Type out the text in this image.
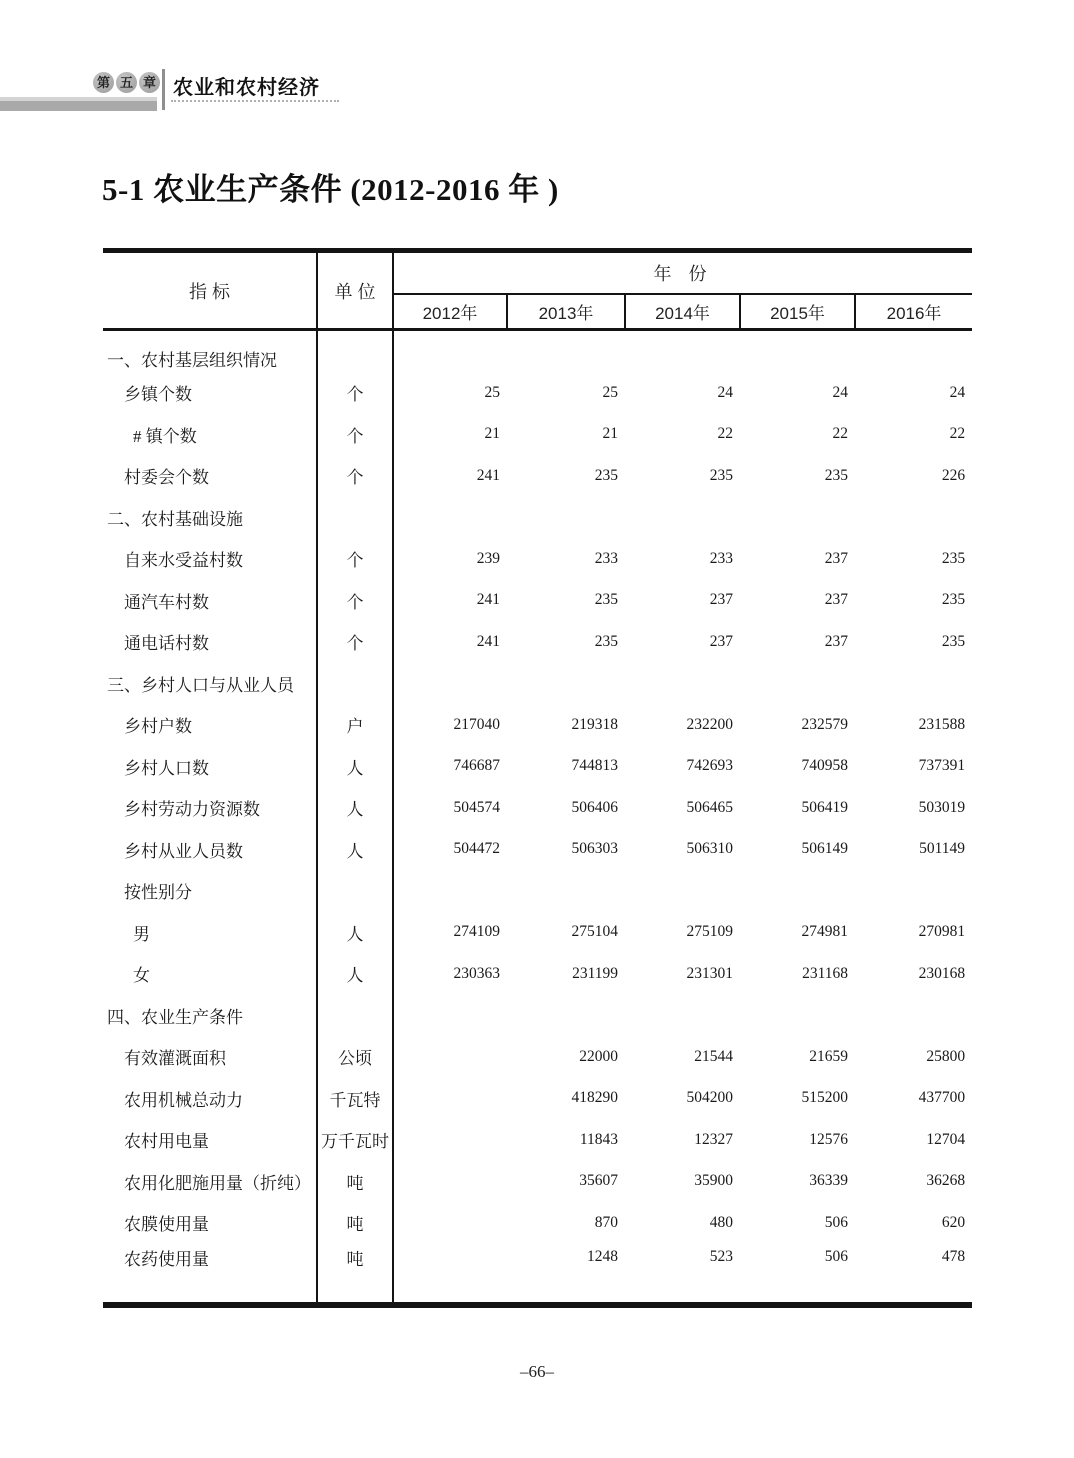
第 五 章 农业和农村经济
5-1 农业生产条件 (2012-2016 年 )
指 标	单 位	年 份				
		2012年	2013年	2014年	2015年	2016年
一、农村基层组织情况						
乡镇个数	个	25	25	24	24	24
# 镇个数	个	21	21	22	22	22
村委会个数	个	241	235	235	235	226
二、农村基础设施						
自来水受益村数	个	239	233	233	237	235
通汽车村数	个	241	235	237	237	235
通电话村数	个	241	235	237	237	235
三、乡村人口与从业人员						
乡村户数	户	217040	219318	232200	232579	231588
乡村人口数	人	746687	744813	742693	740958	737391
乡村劳动力资源数	人	504574	506406	506465	506419	503019
乡村从业人员数	人	504472	506303	506310	506149	501149
按性别分						
男	人	274109	275104	275109	274981	270981
女	人	230363	231199	231301	231168	230168
四、农业生产条件						
有效灌溉面积	公顷		22000	21544	21659	25800
农用机械总动力	千瓦特		418290	504200	515200	437700
农村用电量	万千瓦时		11843	12327	12576	12704
农用化肥施用量（折纯）	吨		35607	35900	36339	36268
农膜使用量	吨		870	480	506	620
农药使用量	吨		1248	523	506	478
–66–
